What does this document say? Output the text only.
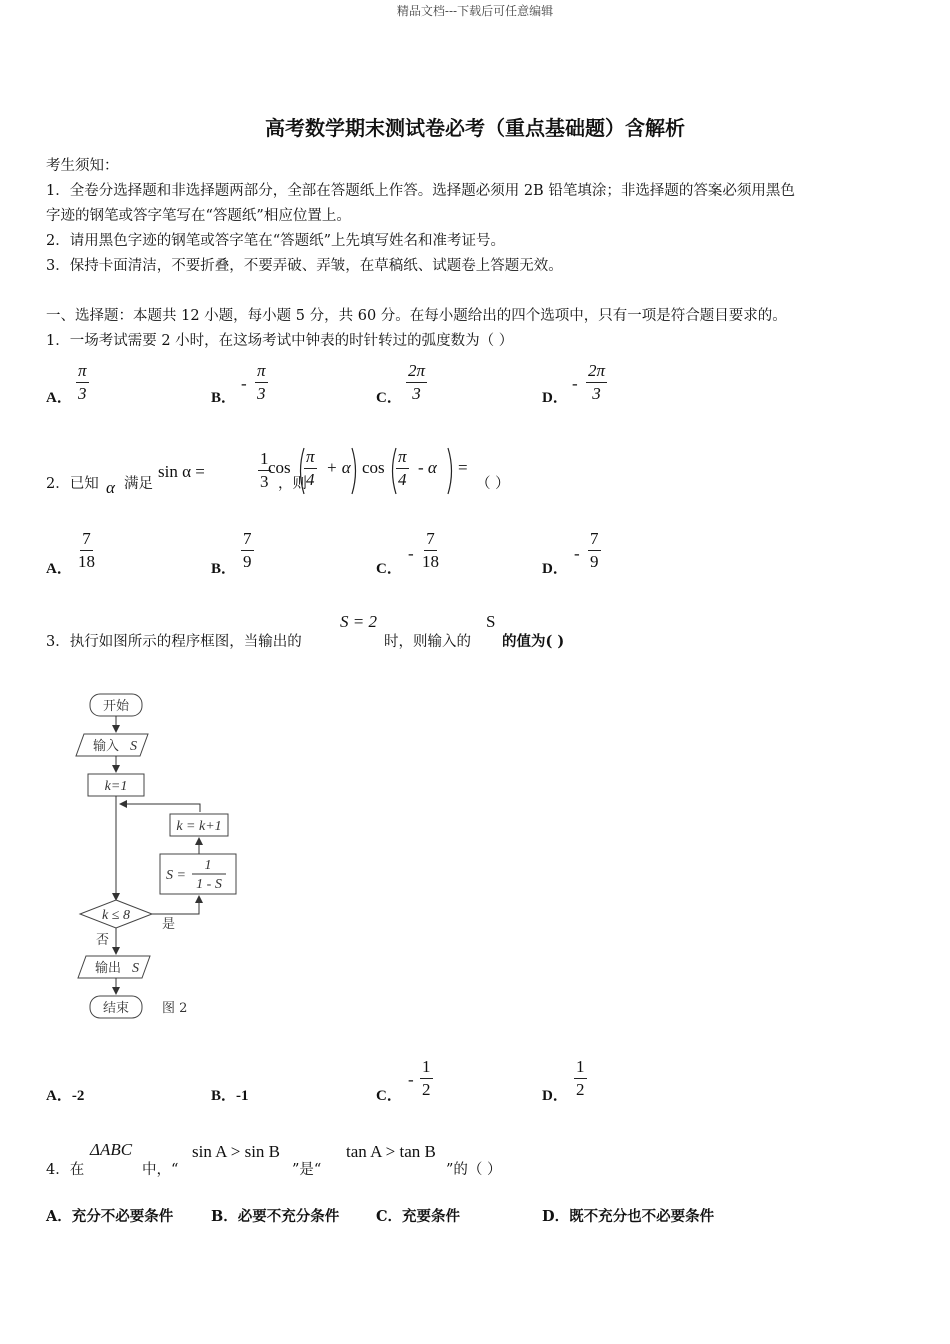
精品文档---下载后可任意编辑
高考数学期末测试卷必考（重点基础题）含解析
考生须知：
1．全卷分选择题和非选择题两部分，全部在答题纸上作答。选择题必须用 2B 铅笔填涂；非选择题的答案必须用黑色
字迹的钢笔或答字笔写在“答题纸”相应位置上。
2．请用黑色字迹的钢笔或答字笔在“答题纸”上先填写姓名和准考证号。
3．保持卡面清洁，不要折叠，不要弄破、弄皱，在草稿纸、试题卷上答题无效。
一、选择题：本题共 12 小题，每小题 5 分，共 60 分。在每小题给出的四个选项中，只有一项是符合题目要求的。
1．一场考试需要 2 小时，在这场考试中钟表的时针转过的弧度数为（ ）
A． $\frac{\pi}{3}$	B．
- $\frac{\pi}{3}$	C． $\frac{2\pi}{3}$	D．
- $\frac{2\pi}{3}$
2．已知 α 满足
sin α =	$\frac{1}{3}$ ，则
$\cos \frac{\pi}{4} + \alpha$ $\cos \frac{\pi}{4}$ - α =
（ ）
A． $\frac{7}{18}$	B． $\frac{7}{9}$	C．
- $\frac{7}{18}$	D．
- $\frac{7}{9}$
3．执行如图所示的程序框图，当输出的
S = 2
时，则输入的
S
的值为( )
开始
输入 S
k=1
k = k+1
S =
1
1 - S
k ≤ 8
是
否
输出 S
结束	图 2
A．-2	B．-1	C．
- $\frac{1}{2}$	D． $\frac{1}{2}$
4．在
ΔABC
中，“
sin A > sin B
”是“
tan A > tan B
”的（ ）
A．充分不必要条件	B．必要不充分条件	C．充要条件	D．既不充分也不必要条件
